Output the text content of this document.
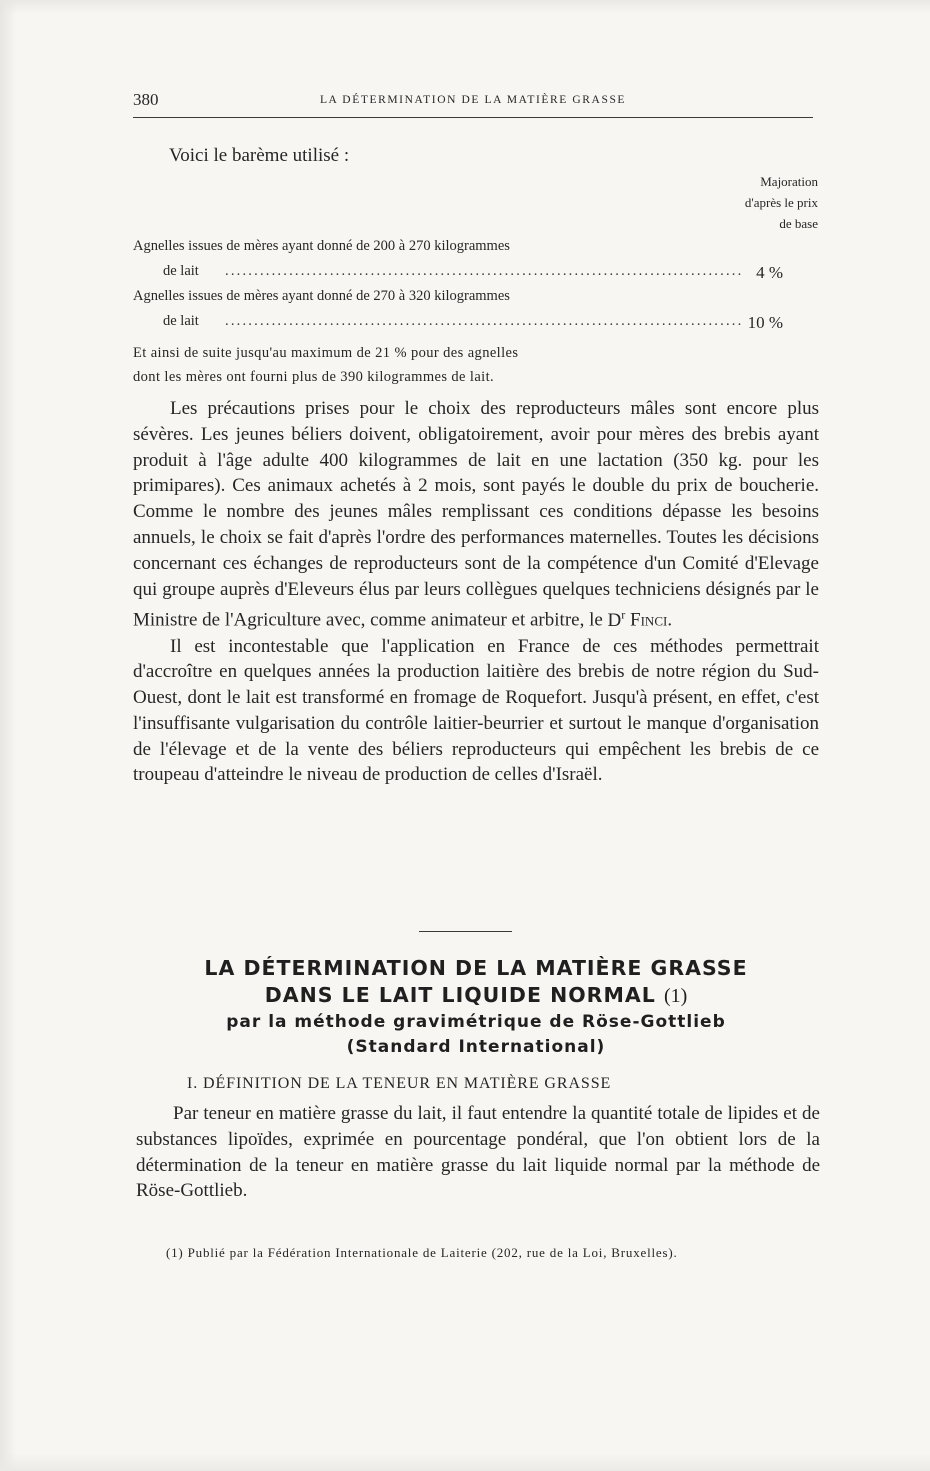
380	LA DÉTERMINATION DE LA MATIÈRE GRASSE
Voici le barème utilisé :
Majoration
d'après le prix
de base
Agnelles issues de mères ayant donné de 200 à 270 kilogrammes
de lait ......................................................................................... 4 %
Agnelles issues de mères ayant donné de 270 à 320 kilogrammes
de lait ......................................................................................... 10 %
Et ainsi de suite jusqu'au maximum de 21 % pour des agnelles
dont les mères ont fourni plus de 390 kilogrammes de lait.

Les précautions prises pour le choix des reproducteurs mâles sont encore plus sévères. Les jeunes béliers doivent, obligatoirement, avoir pour mères des brebis ayant produit à l'âge adulte 400 kilogrammes de lait en une lactation (350 kg. pour les primipares). Ces animaux achetés à 2 mois, sont payés le double du prix de boucherie. Comme le nombre des jeunes mâles remplissant ces conditions dépasse les besoins annuels, le choix se fait d'après l'ordre des performances maternelles. Toutes les décisions concernant ces échanges de reproducteurs sont de la compétence d'un Comité d'Elevage qui groupe auprès d'Eleveurs élus par leurs collègues quelques techniciens désignés par le Ministre de l'Agriculture avec, comme animateur et arbitre, le $D^r$ Finci.

Il est incontestable que l'application en France de ces méthodes permettrait d'accroître en quelques années la production laitière des brebis de notre région du Sud-Ouest, dont le lait est transformé en fromage de Roquefort. Jusqu'à présent, en effet, c'est l'insuffisante vulgarisation du contrôle laitier-beurrier et surtout le manque d'organisation de l'élevage et de la vente des béliers reproducteurs qui empêchent les brebis de ce troupeau d'atteindre le niveau de production de celles d'Israël.

LA DÉTERMINATION DE LA MATIÈRE GRASSE
DANS LE LAIT LIQUIDE NORMAL (1)
par la méthode gravimétrique de Röse-Gottlieb
(Standard International)
I. DÉFINITION DE LA TENEUR EN MATIÈRE GRASSE

Par teneur en matière grasse du lait, il faut entendre la quantité totale de lipides et de substances lipoïdes, exprimée en pourcentage pondéral, que l'on obtient lors de la détermination de la teneur en matière grasse du lait liquide normal par la méthode de Röse-Gottlieb.

(1) Publié par la Fédération Internationale de Laiterie (202, rue de la Loi, Bruxelles).
